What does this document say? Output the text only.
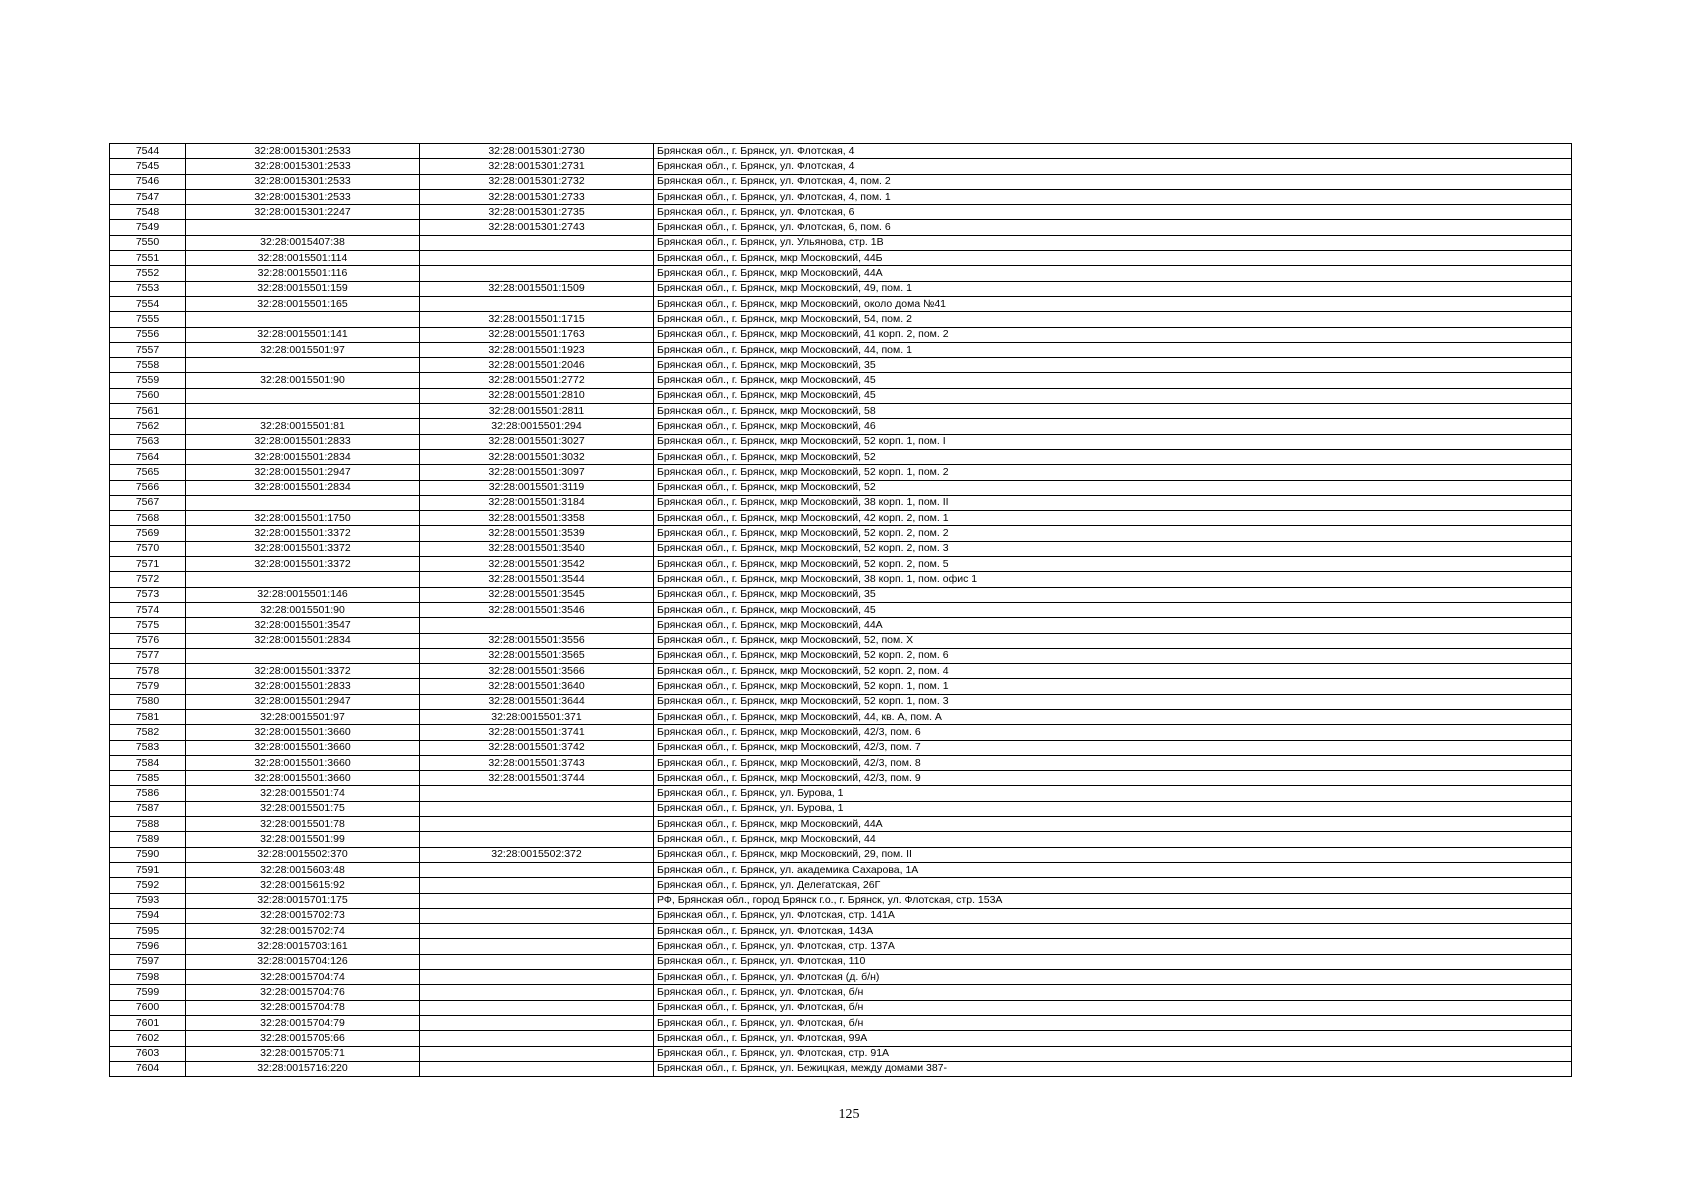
7544	32:28:0015301:2533	32:28:0015301:2730	Брянская обл., г. Брянск, ул. Флотская, 4
7545	32:28:0015301:2533	32:28:0015301:2731	Брянская обл., г. Брянск, ул. Флотская, 4
7546	32:28:0015301:2533	32:28:0015301:2732	Брянская обл., г. Брянск, ул. Флотская, 4, пом. 2
7547	32:28:0015301:2533	32:28:0015301:2733	Брянская обл., г. Брянск, ул. Флотская, 4, пом. 1
7548	32:28:0015301:2247	32:28:0015301:2735	Брянская обл., г. Брянск, ул. Флотская, 6
7549		32:28:0015301:2743	Брянская обл., г. Брянск, ул. Флотская, 6, пом. 6
7550	32:28:0015407:38		Брянская обл., г. Брянск, ул. Ульянова, стр. 1В
7551	32:28:0015501:114		Брянская обл., г. Брянск, мкр Московский, 44Б
7552	32:28:0015501:116		Брянская обл., г. Брянск, мкр Московский, 44А
7553	32:28:0015501:159	32:28:0015501:1509	Брянская обл., г. Брянск, мкр Московский, 49, пом. 1
7554	32:28:0015501:165		Брянская обл., г. Брянск, мкр Московский, около дома №41
7555		32:28:0015501:1715	Брянская обл., г. Брянск, мкр Московский, 54, пом. 2
7556	32:28:0015501:141	32:28:0015501:1763	Брянская обл., г. Брянск, мкр Московский, 41 корп. 2, пом. 2
7557	32:28:0015501:97	32:28:0015501:1923	Брянская обл., г. Брянск, мкр Московский, 44, пом. 1
7558		32:28:0015501:2046	Брянская обл., г. Брянск, мкр Московский, 35
7559	32:28:0015501:90	32:28:0015501:2772	Брянская обл., г. Брянск, мкр Московский, 45
7560		32:28:0015501:2810	Брянская обл., г. Брянск, мкр Московский, 45
7561		32:28:0015501:2811	Брянская обл., г. Брянск, мкр Московский, 58
7562	32:28:0015501:81	32:28:0015501:294	Брянская обл., г. Брянск, мкр Московский, 46
7563	32:28:0015501:2833	32:28:0015501:3027	Брянская обл., г. Брянск, мкр Московский, 52 корп. 1, пом. I
7564	32:28:0015501:2834	32:28:0015501:3032	Брянская обл., г. Брянск, мкр Московский, 52
7565	32:28:0015501:2947	32:28:0015501:3097	Брянская обл., г. Брянск, мкр Московский, 52 корп. 1, пом. 2
7566	32:28:0015501:2834	32:28:0015501:3119	Брянская обл., г. Брянск, мкр Московский, 52
7567		32:28:0015501:3184	Брянская обл., г. Брянск, мкр Московский, 38 корп. 1, пом. II
7568	32:28:0015501:1750	32:28:0015501:3358	Брянская обл., г. Брянск, мкр Московский, 42 корп. 2, пом. 1
7569	32:28:0015501:3372	32:28:0015501:3539	Брянская обл., г. Брянск, мкр Московский, 52 корп. 2, пом. 2
7570	32:28:0015501:3372	32:28:0015501:3540	Брянская обл., г. Брянск, мкр Московский, 52 корп. 2, пом. 3
7571	32:28:0015501:3372	32:28:0015501:3542	Брянская обл., г. Брянск, мкр Московский, 52 корп. 2, пом. 5
7572		32:28:0015501:3544	Брянская обл., г. Брянск, мкр Московский, 38 корп. 1, пом. офис 1
7573	32:28:0015501:146	32:28:0015501:3545	Брянская обл., г. Брянск, мкр Московский, 35
7574	32:28:0015501:90	32:28:0015501:3546	Брянская обл., г. Брянск, мкр Московский, 45
7575	32:28:0015501:3547		Брянская обл., г. Брянск, мкр Московский, 44А
7576	32:28:0015501:2834	32:28:0015501:3556	Брянская обл., г. Брянск, мкр Московский, 52, пом. X
7577		32:28:0015501:3565	Брянская обл., г. Брянск, мкр Московский, 52 корп. 2, пом. 6
7578	32:28:0015501:3372	32:28:0015501:3566	Брянская обл., г. Брянск, мкр Московский, 52 корп. 2, пом. 4
7579	32:28:0015501:2833	32:28:0015501:3640	Брянская обл., г. Брянск, мкр Московский, 52 корп. 1, пом. 1
7580	32:28:0015501:2947	32:28:0015501:3644	Брянская обл., г. Брянск, мкр Московский, 52 корп. 1, пом. 3
7581	32:28:0015501:97	32:28:0015501:371	Брянская обл., г. Брянск, мкр Московский, 44, кв. А, пом. А
7582	32:28:0015501:3660	32:28:0015501:3741	Брянская обл., г. Брянск, мкр Московский, 42/3, пом. 6
7583	32:28:0015501:3660	32:28:0015501:3742	Брянская обл., г. Брянск, мкр Московский, 42/3, пом. 7
7584	32:28:0015501:3660	32:28:0015501:3743	Брянская обл., г. Брянск, мкр Московский, 42/3, пом. 8
7585	32:28:0015501:3660	32:28:0015501:3744	Брянская обл., г. Брянск, мкр Московский, 42/3, пом. 9
7586	32:28:0015501:74		Брянская обл., г. Брянск, ул. Бурова, 1
7587	32:28:0015501:75		Брянская обл., г. Брянск, ул. Бурова, 1
7588	32:28:0015501:78		Брянская обл., г. Брянск, мкр Московский, 44А
7589	32:28:0015501:99		Брянская обл., г. Брянск, мкр Московский, 44
7590	32:28:0015502:370	32:28:0015502:372	Брянская обл., г. Брянск, мкр Московский, 29, пом. II
7591	32:28:0015603:48		Брянская обл., г. Брянск, ул. академика Сахарова, 1А
7592	32:28:0015615:92		Брянская обл., г. Брянск, ул. Делегатская, 26Г
7593	32:28:0015701:175		РФ, Брянская обл., город Брянск г.о., г. Брянск, ул. Флотская, стр. 153А
7594	32:28:0015702:73		Брянская обл., г. Брянск, ул. Флотская, стр. 141А
7595	32:28:0015702:74		Брянская обл., г. Брянск, ул. Флотская, 143А
7596	32:28:0015703:161		Брянская обл., г. Брянск, ул. Флотская, стр. 137А
7597	32:28:0015704:126		Брянская обл., г. Брянск, ул. Флотская, 110
7598	32:28:0015704:74		Брянская обл., г. Брянск, ул. Флотская (д. б/н)
7599	32:28:0015704:76		Брянская обл., г. Брянск, ул. Флотская, б/н
7600	32:28:0015704:78		Брянская обл., г. Брянск, ул. Флотская, б/н
7601	32:28:0015704:79		Брянская обл., г. Брянск, ул. Флотская, б/н
7602	32:28:0015705:66		Брянская обл., г. Брянск, ул. Флотская, 99А
7603	32:28:0015705:71		Брянская обл., г. Брянск, ул. Флотская, стр. 91А
7604	32:28:0015716:220		Брянская обл., г. Брянск, ул. Бежицкая, между домами 387-
125
